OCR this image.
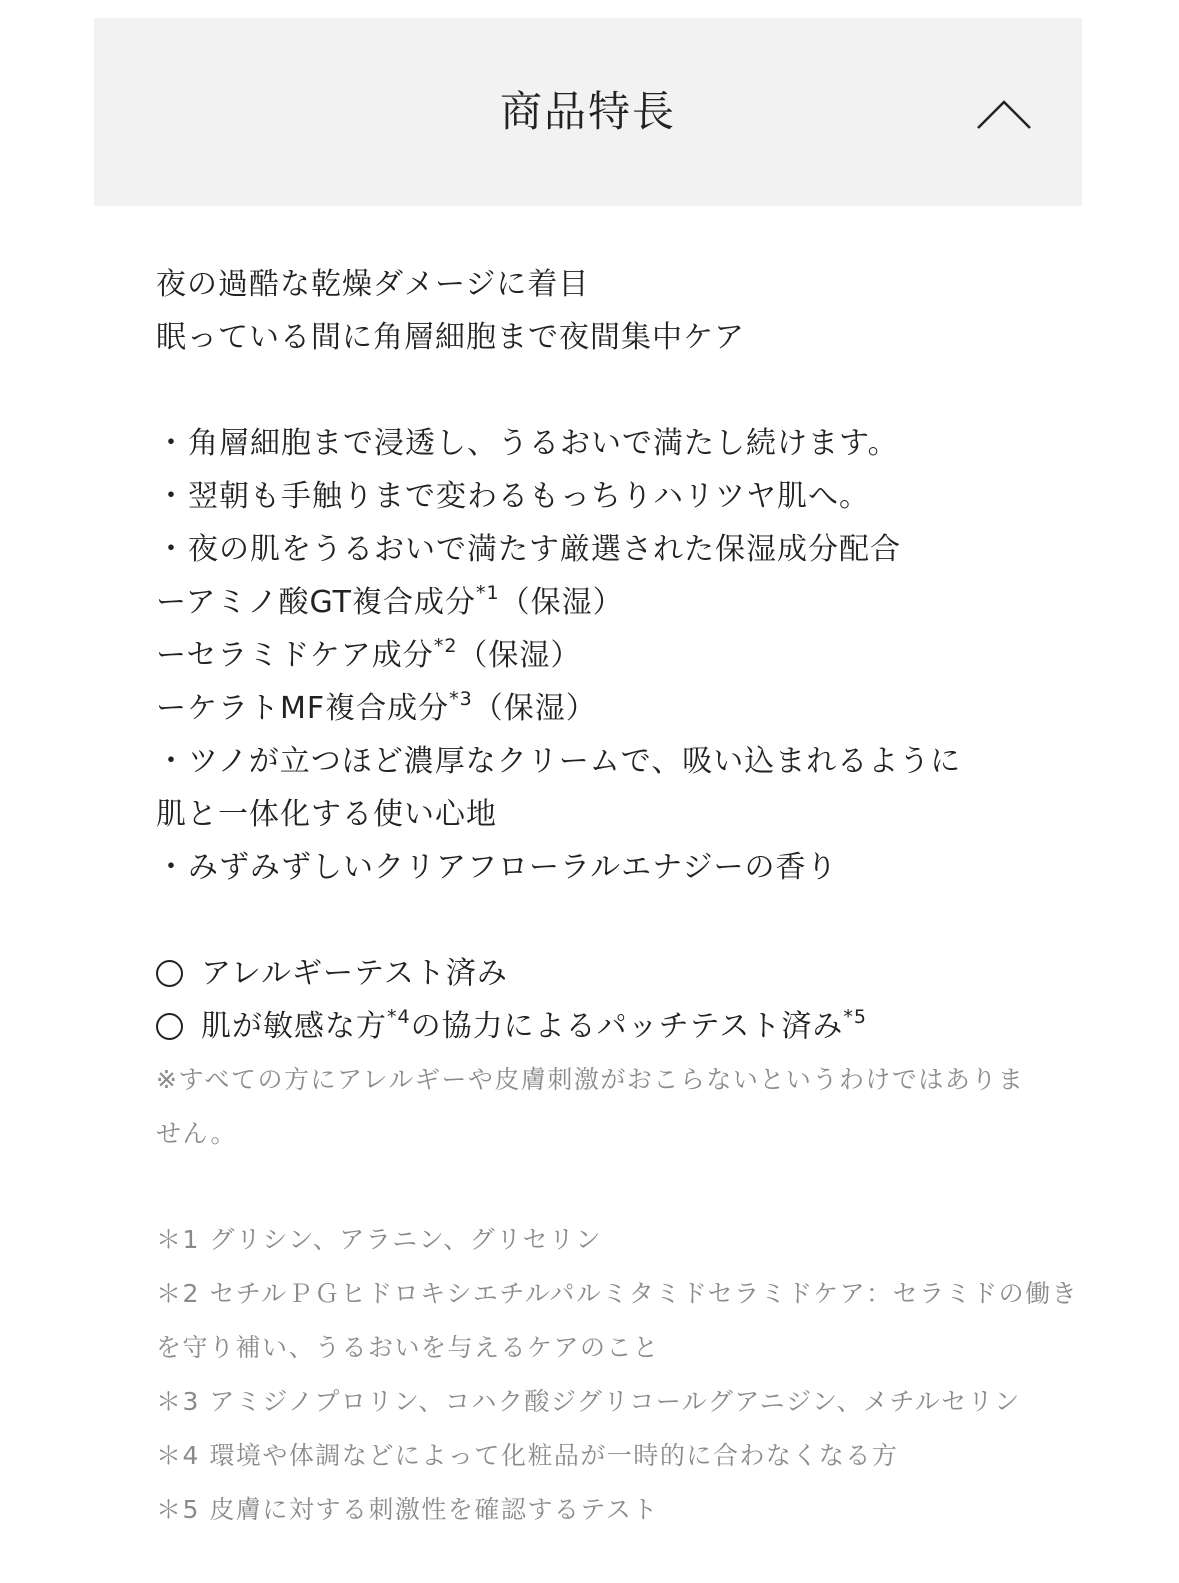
商品特長
夜の過酷な乾燥ダメージに着目
眠っている間に角層細胞まで夜間集中ケア
・角層細胞まで浸透し、うるおいで満たし続けます。
・翌朝も手触りまで変わるもっちりハリツヤ肌へ。
・夜の肌をうるおいで満たす厳選された保湿成分配合
ーアミノ酸GT複合成分$^{*1}$（保湿）
ーセラミドケア成分$^{*2}$（保湿）
ーケラトMF複合成分$^{*3}$（保湿）
・ツノが立つほど濃厚なクリームで、吸い込まれるように
肌と一体化する使い心地
・みずみずしいクリアフローラルエナジーの香り
アレルギーテスト済み
肌が敏感な方$^{*4}$の協力によるパッチテスト済み$^{*5}$
※すべての方にアレルギーや皮膚刺激がおこらないというわけではありま
せん。
＊1 グリシン、アラニン、グリセリン
＊2 セチルＰＧヒドロキシエチルパルミタミドセラミドケア：セラミドの働き
を守り補い、うるおいを与えるケアのこと
＊3 アミジノプロリン、コハク酸ジグリコールグアニジン、メチルセリン
＊4 環境や体調などによって化粧品が一時的に合わなくなる方
＊5 皮膚に対する刺激性を確認するテスト
